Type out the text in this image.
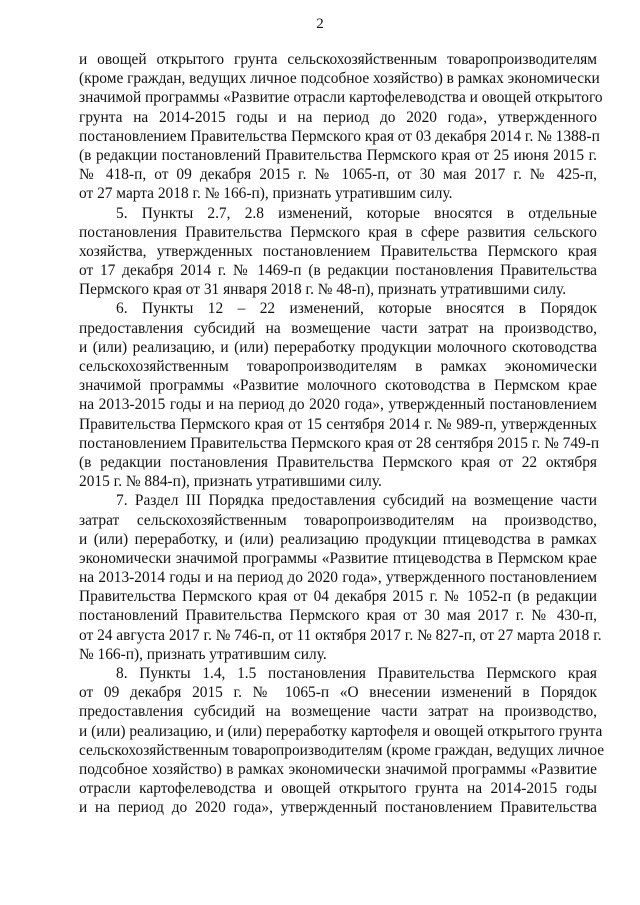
2
и овощей открытого грунта сельскохозяйственным товаропроизводителям
(кроме граждан, ведущих личное подсобное хозяйство) в рамках экономически
значимой программы «Развитие отрасли картофелеводства и овощей открытого
грунта на 2014-2015 годы и на период до 2020 года», утвержденного
постановлением Правительства Пермского края от 03 декабря 2014 г. № 1388-п
(в редакции постановлений Правительства Пермского края от 25 июня 2015 г.
№ 418-п, от 09 декабря 2015 г. № 1065-п, от 30 мая 2017 г. № 425-п,
от 27 марта 2018 г. № 166-п), признать утратившим силу.
5. Пункты 2.7, 2.8 изменений, которые вносятся в отдельные
постановления Правительства Пермского края в сфере развития сельского
хозяйства, утвержденных постановлением Правительства Пермского края
от 17 декабря 2014 г. № 1469-п (в редакции постановления Правительства
Пермского края от 31 января 2018 г. № 48-п), признать утратившими силу.
6. Пункты 12 – 22 изменений, которые вносятся в Порядок
предоставления субсидий на возмещение части затрат на производство,
и (или) реализацию, и (или) переработку продукции молочного скотоводства
сельскохозяйственным товаропроизводителям в рамках экономически
значимой программы «Развитие молочного скотоводства в Пермском крае
на 2013-2015 годы и на период до 2020 года», утвержденный постановлением
Правительства Пермского края от 15 сентября 2014 г. № 989-п, утвержденных
постановлением Правительства Пермского края от 28 сентября 2015 г. № 749-п
(в редакции постановления Правительства Пермского края от 22 октября
2015 г. № 884-п), признать утратившими силу.
7. Раздел III Порядка предоставления субсидий на возмещение части
затрат сельскохозяйственным товаропроизводителям на производство,
и (или) переработку, и (или) реализацию продукции птицеводства в рамках
экономически значимой программы «Развитие птицеводства в Пермском крае
на 2013-2014 годы и на период до 2020 года», утвержденного постановлением
Правительства Пермского края от 04 декабря 2015 г. № 1052-п (в редакции
постановлений Правительства Пермского края от 30 мая 2017 г. № 430-п,
от 24 августа 2017 г. № 746-п, от 11 октября 2017 г. № 827-п, от 27 марта 2018 г.
№ 166-п), признать утратившим силу.
8. Пункты 1.4, 1.5 постановления Правительства Пермского края
от 09 декабря 2015 г. № 1065-п «О внесении изменений в Порядок
предоставления субсидий на возмещение части затрат на производство,
и (или) реализацию, и (или) переработку картофеля и овощей открытого грунта
сельскохозяйственным товаропроизводителям (кроме граждан, ведущих личное
подсобное хозяйство) в рамках экономически значимой программы «Развитие
отрасли картофелеводства и овощей открытого грунта на 2014-2015 годы
и на период до 2020 года», утвержденный постановлением Правительства
